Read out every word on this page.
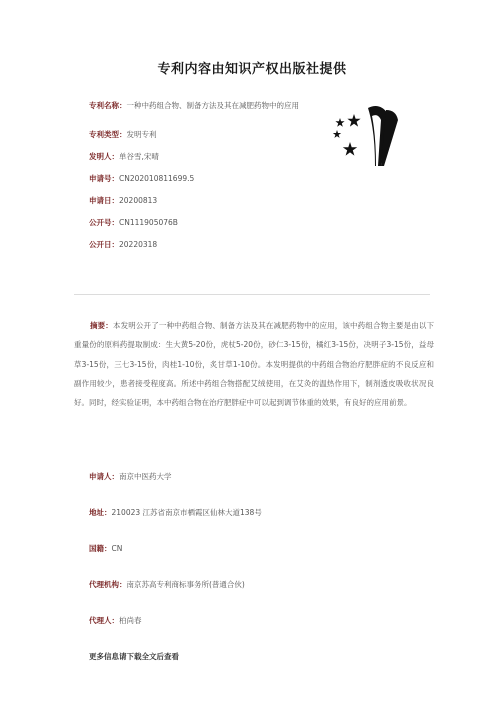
专利内容由知识产权出版社提供
专利名称： 一种中药组合物、制备方法及其在减肥药物中的应用
专利类型： 发明专利
发明人： 单谷雪,宋晴
申请号： CN202010811699.5
申请日： 20200813
公开号： CN111905076B
公开日： 20220318
摘要：本发明公开了一种中药组合物、制备方法及其在减肥药物中的应用，该中药组合物主要是由以下重量份的原料药提取制成：生大黄5-20份，虎杖5-20份，砂仁3-15份，橘红3-15份，决明子3-15份，益母草3-15份，三七3-15份，肉桂1-10份，炙甘草1-10份。本发明提供的中药组合物治疗肥胖症的不良反应和副作用较少，患者接受程度高。所述中药组合物搭配艾绒使用，在艾灸的温热作用下，制剂透皮吸收状况良好。同时，经实验证明，本中药组合物在治疗肥胖症中可以起到调节体重的效果，有良好的应用前景。
申请人： 南京中医药大学
地址： 210023 江苏省南京市栖霞区仙林大道138号
国籍： CN
代理机构： 南京苏高专利商标事务所(普通合伙)
代理人： 柏尚春
更多信息请下载全文后查看
